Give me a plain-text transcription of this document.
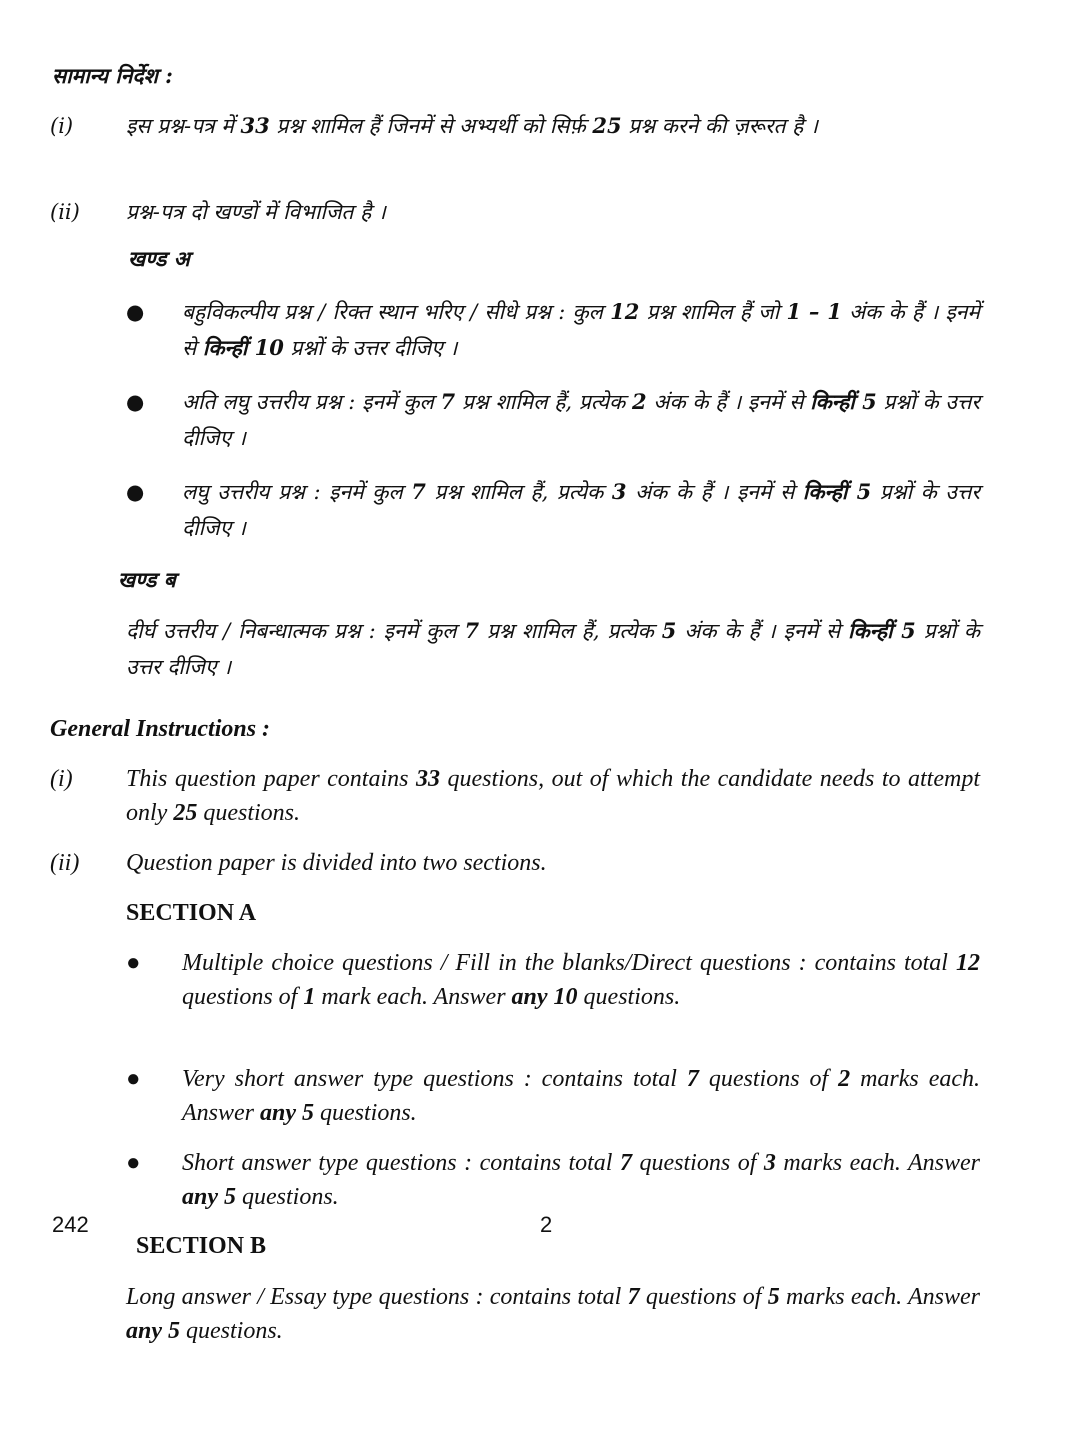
सामान्य निर्देश :
(i)	इस प्रश्न-पत्र में 33 प्रश्न शामिल हैं जिनमें से अभ्यर्थी को सिर्फ़ 25 प्रश्न करने की ज़रूरत है ।
(ii)	प्रश्न-पत्र दो खण्डों में विभाजित है ।
खण्ड अ
●	बहुविकल्पीय प्रश्न / रिक्त स्थान भरिए / सीधे प्रश्न : कुल 12 प्रश्न शामिल हैं जो 1 – 1 अंक के हैं । इनमें से किन्हीं 10 प्रश्नों के उत्तर दीजिए ।
●	अति लघु उत्तरीय प्रश्न : इनमें कुल 7 प्रश्न शामिल हैं, प्रत्येक 2 अंक के हैं । इनमें से किन्हीं 5 प्रश्नों के उत्तर दीजिए ।
●	लघु उत्तरीय प्रश्न : इनमें कुल 7 प्रश्न शामिल हैं, प्रत्येक 3 अंक के हैं । इनमें से किन्हीं 5 प्रश्नों के उत्तर दीजिए ।
खण्ड ब
दीर्घ उत्तरीय / निबन्धात्मक प्रश्न : इनमें कुल 7 प्रश्न शामिल हैं, प्रत्येक 5 अंक के हैं । इनमें से किन्हीं 5 प्रश्नों के उत्तर दीजिए ।
General Instructions :
(i)	This question paper contains 33 questions, out of which the candidate needs to attempt only 25 questions.
(ii)	Question paper is divided into two sections.
SECTION A
●	Multiple choice questions / Fill in the blanks/Direct questions : contains total 12 questions of 1 mark each. Answer any 10 questions.
●	Very short answer type questions : contains total 7 questions of 2 marks each. Answer any 5 questions.
●	Short answer type questions : contains total 7 questions of 3 marks each. Answer any 5 questions.
SECTION B
Long answer / Essay type questions : contains total 7 questions of 5 marks each. Answer any 5 questions.
242	2
